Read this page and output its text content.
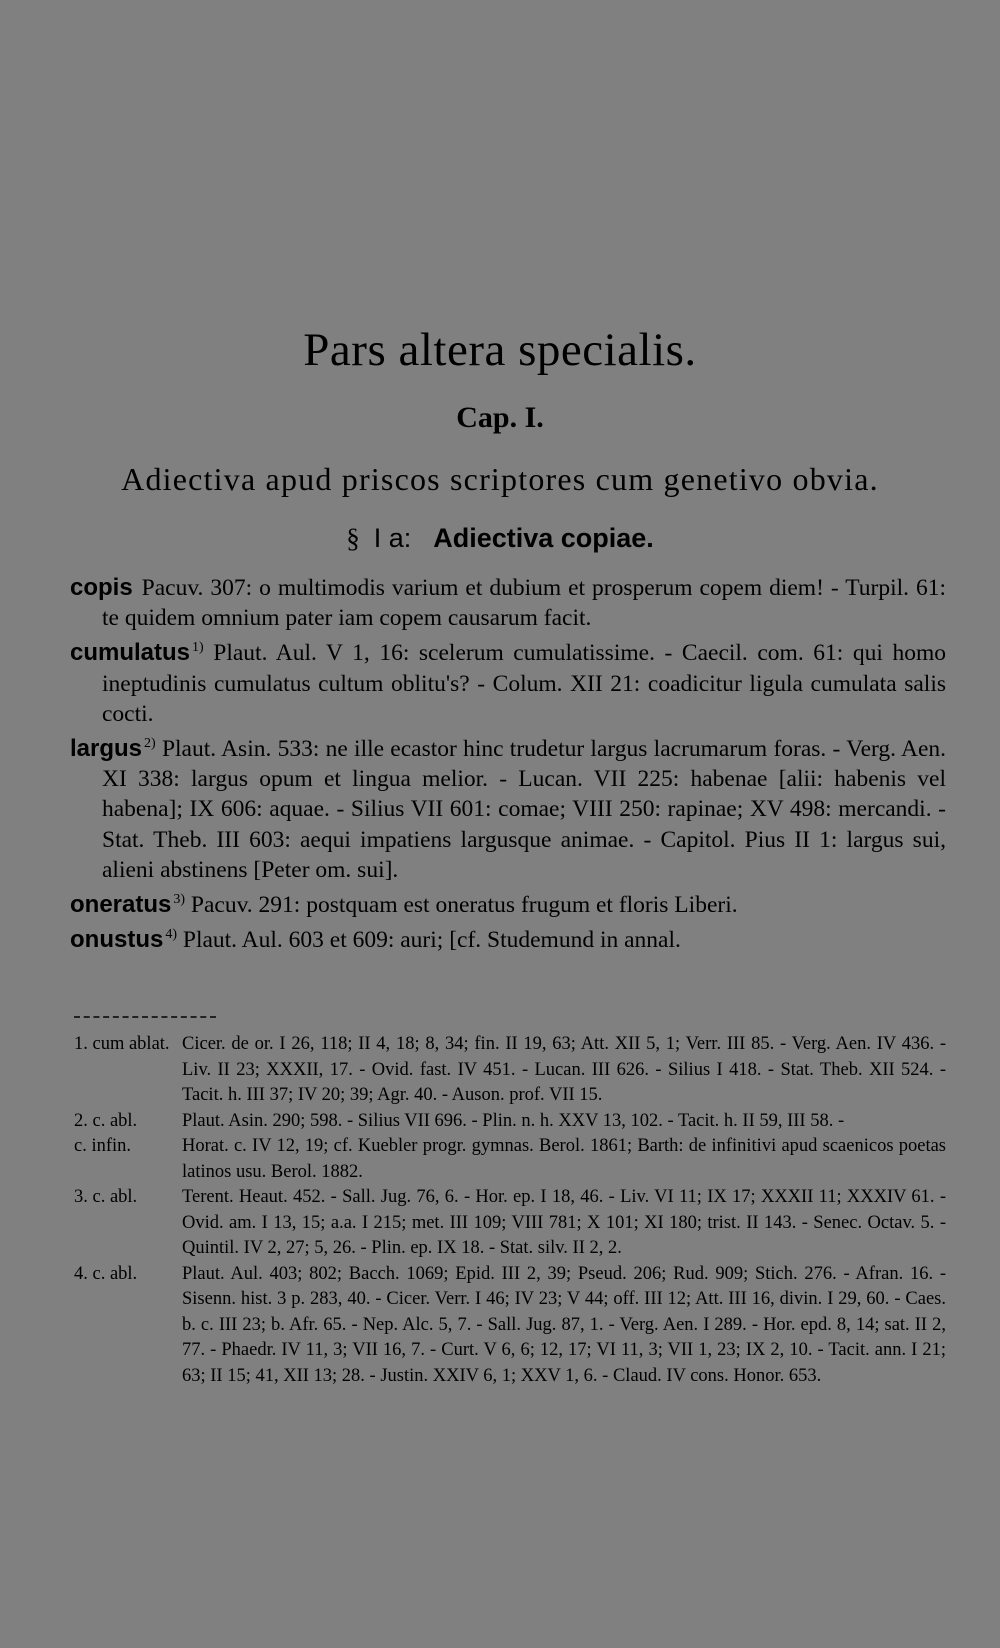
Pars altera specialis.
Cap. I.
Adiectiva apud priscos scriptores cum genetivo obvia.
§ I a: Adiectiva copiae.

copis Pacuv. 307: o multimodis varium et dubium et prosperum copem diem! - Turpil. 61: te quidem omnium pater iam copem causarum facit.

cumulatus $^{1)}$ Plaut. Aul. V 1, 16: scelerum cumulatissime. - Caecil. com. 61: qui homo ineptudinis cumulatus cultum oblitu's? - Colum. XII 21: coadicitur ligula cumulata salis cocti.

largus $^{2)}$ Plaut. Asin. 533: ne ille ecastor hinc trudetur largus lacrumarum foras. - Verg. Aen. XI 338: largus opum et lingua melior. - Lucan. VII 225: habenae [alii: habenis vel habena]; IX 606: aquae. - Silius VII 601: comae; VIII 250: rapinae; XV 498: mercandi. - Stat. Theb. III 603: aequi impatiens largusque animae. - Capitol. Pius II 1: largus sui, alieni abstinens [Peter om. sui].

oneratus $^{3)}$ Pacuv. 291: postquam est oneratus frugum et floris Liberi.

onustus $^{4)}$ Plaut. Aul. 603 et 609: auri; [cf. Studemund in annal.

1. cum ablat. Cicer. de or. I 26, 118; II 4, 18; 8, 34; fin. II 19, 63; Att. XII 5, 1; Verr. III 85. - Verg. Aen. IV 436. - Liv. II 23; XXXII, 17. - Ovid. fast. IV 451. - Lucan. III 626. - Silius I 418. - Stat. Theb. XII 524. - Tacit. h. III 37; IV 20; 39; Agr. 40. - Auson. prof. VII 15.

2. c. abl.	Plaut. Asin. 290; 598. - Silius VII 696. - Plin. n. h. XXV 13, 102. - Tacit. h. II 59, III 58. -

c. infin.	Horat. c. IV 12, 19; cf. Kuebler progr. gymnas. Berol. 1861; Barth: de infinitivi apud scaenicos poetas latinos usu. Berol. 1882.

3. c. abl.	Terent. Heaut. 452. - Sall. Jug. 76, 6. - Hor. ep. I 18, 46. - Liv. VI 11; IX 17; XXXII 11; XXXIV 61. - Ovid. am. I 13, 15; a.a. I 215; met. III 109; VIII 781; X 101; XI 180; trist. II 143. - Senec. Octav. 5. - Quintil. IV 2, 27; 5, 26. - Plin. ep. IX 18. - Stat. silv. II 2, 2.

4. c. abl.	Plaut. Aul. 403; 802; Bacch. 1069; Epid. III 2, 39; Pseud. 206; Rud. 909; Stich. 276. - Afran. 16. - Sisenn. hist. 3 p. 283, 40. - Cicer. Verr. I 46; IV 23; V 44; off. III 12; Att. III 16, divin. I 29, 60. - Caes. b. c. III 23; b. Afr. 65. - Nep. Alc. 5, 7. - Sall. Jug. 87, 1. - Verg. Aen. I 289. - Hor. epd. 8, 14; sat. II 2, 77. - Phaedr. IV 11, 3; VII 16, 7. - Curt. V 6, 6; 12, 17; VI 11, 3; VII 1, 23; IX 2, 10. - Tacit. ann. I 21; 63; II 15; 41, XII 13; 28. - Justin. XXIV 6, 1; XXV 1, 6. - Claud. IV cons. Honor. 653.
